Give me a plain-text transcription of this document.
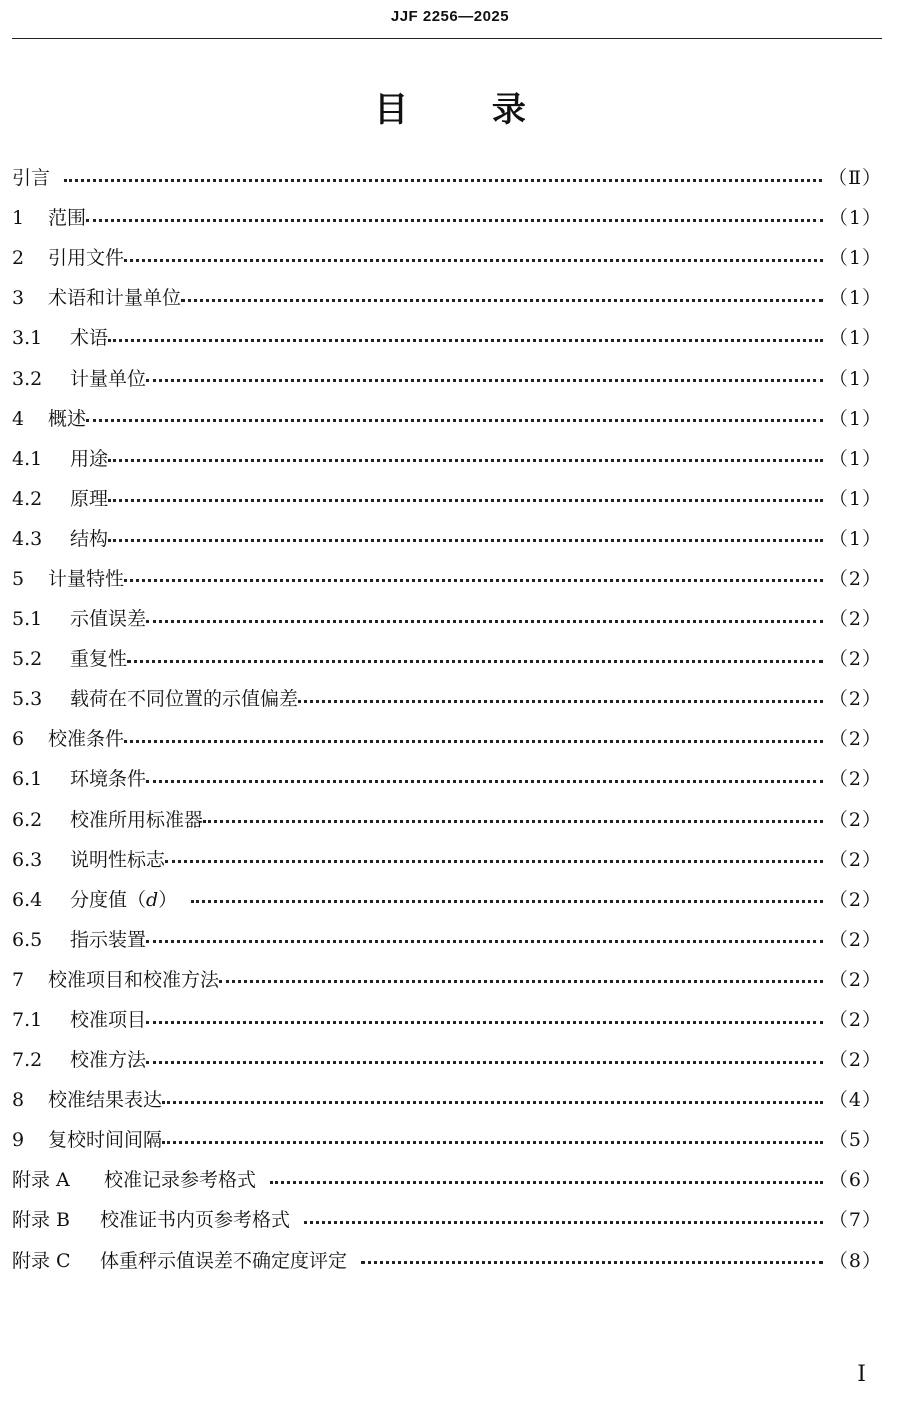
JJF 2256—2025
目 录
引言	（Ⅱ）
1	范围	（1）
2	引用文件	（1）
3	术语和计量单位	（1）
3.1	术语	（1）
3.2	计量单位	（1）
4	概述	（1）
4.1	用途	（1）
4.2	原理	（1）
4.3	结构	（1）
5	计量特性	（2）
5.1	示值误差	（2）
5.2	重复性	（2）
5.3	载荷在不同位置的示值偏差	（2）
6	校准条件	（2）
6.1	环境条件	（2）
6.2	校准所用标准器	（2）
6.3	说明性标志	（2）
6.4	分度值（d）	（2）
6.5	指示装置	（2）
7	校准项目和校准方法	（2）
7.1	校准项目	（2）
7.2	校准方法	（2）
8	校准结果表达	（4）
9	复校时间间隔	（5）
附录 A	校准记录参考格式	（6）
附录 B	校准证书内页参考格式	（7）
附录 C	体重秤示值误差不确定度评定	（8）
Ⅰ
